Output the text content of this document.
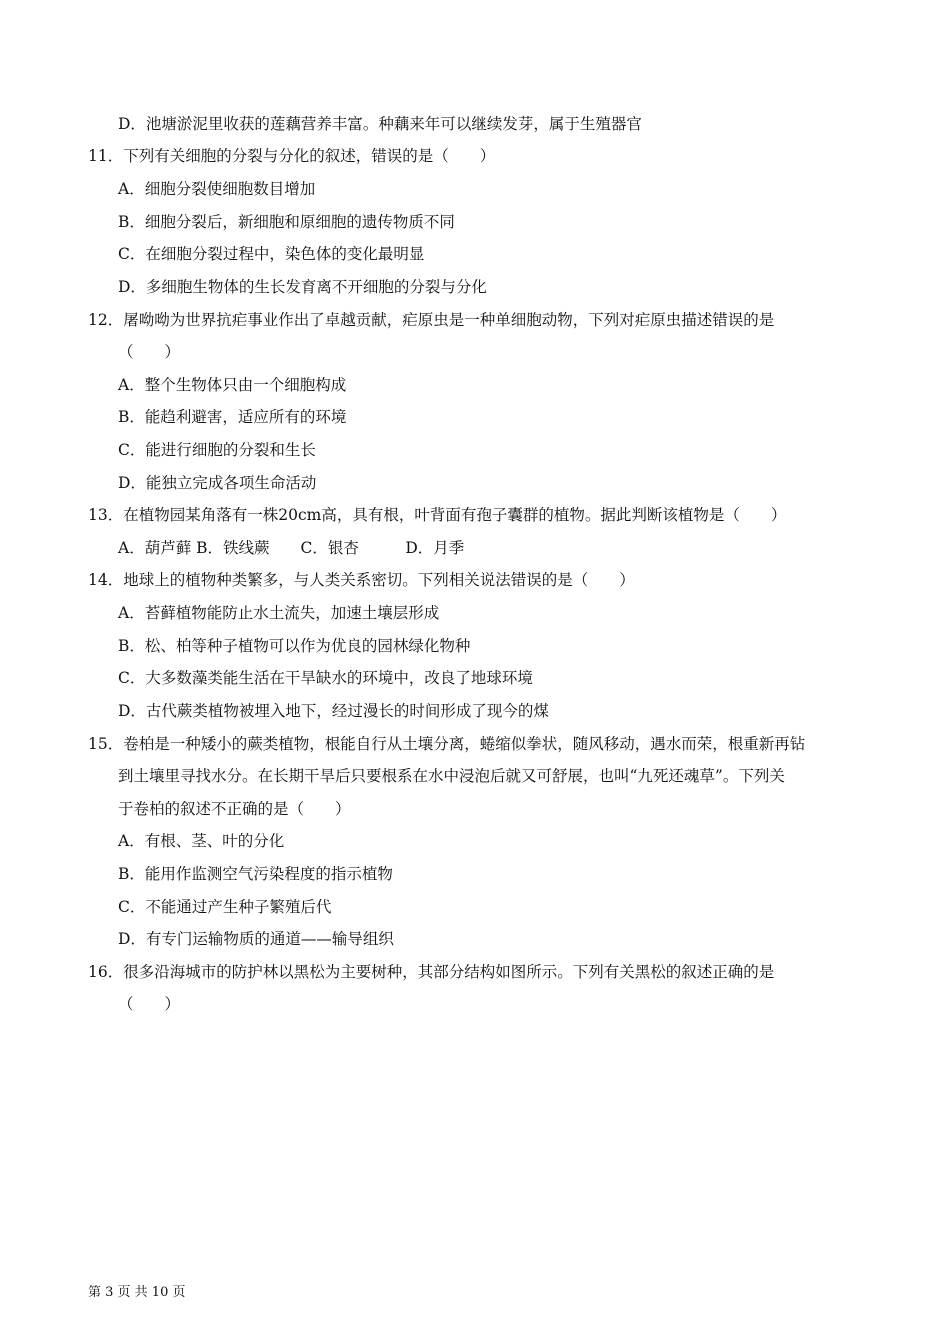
D．池塘淤泥里收获的莲藕营养丰富。种藕来年可以继续发芽，属于生殖器官
11．下列有关细胞的分裂与分化的叙述，错误的是（　　）
A．细胞分裂使细胞数目增加
B．细胞分裂后，新细胞和原细胞的遗传物质不同
C．在细胞分裂过程中，染色体的变化最明显
D．多细胞生物体的生长发育离不开细胞的分裂与分化
12．屠呦呦为世界抗疟事业作出了卓越贡献，疟原虫是一种单细胞动物，下列对疟原虫描述错误的是
（　　）
A．整个生物体只由一个细胞构成
B．能趋利避害，适应所有的环境
C．能进行细胞的分裂和生长
D．能独立完成各项生命活动
13．在植物园某角落有一株20cm高，具有根，叶背面有孢子囊群的植物。据此判断该植物是（　　）
A．葫芦藓 B．铁线蕨　　C．银杏　　　D．月季
14．地球上的植物种类繁多，与人类关系密切。下列相关说法错误的是（　　）
A．苔藓植物能防止水土流失，加速土壤层形成
B．松、柏等种子植物可以作为优良的园林绿化物种
C．大多数藻类能生活在干旱缺水的环境中，改良了地球环境
D．古代蕨类植物被埋入地下，经过漫长的时间形成了现今的煤
15．卷柏是一种矮小的蕨类植物，根能自行从土壤分离，蜷缩似拳状，随风移动，遇水而荣，根重新再钻
到土壤里寻找水分。在长期干旱后只要根系在水中浸泡后就又可舒展，也叫“九死还魂草”。下列关
于卷柏的叙述不正确的是（　　）
A．有根、茎、叶的分化
B．能用作监测空气污染程度的指示植物
C．不能通过产生种子繁殖后代
D．有专门运输物质的通道——输导组织
16．很多沿海城市的防护林以黑松为主要树种，其部分结构如图所示。下列有关黑松的叙述正确的是
（　　）
第 3 页 共 10 页
